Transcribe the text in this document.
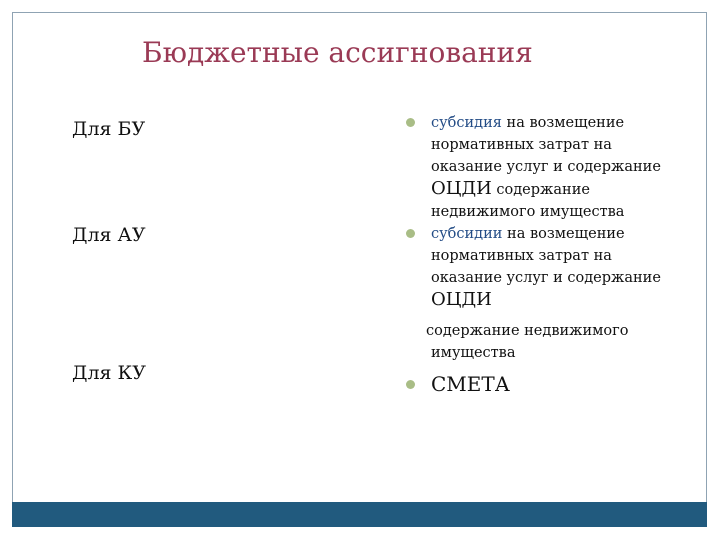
Бюджетные ассигнования
Для БУ
Для АУ
Для КУ
субсидия на возмещение
нормативных затрат на
оказание услуг и содержание
ОЦДИ содержание
недвижимого имущества
субсидии на возмещение
нормативных затрат на
оказание услуг и содержание
ОЦДИ
содержание недвижимого
имущества
СМЕТА
